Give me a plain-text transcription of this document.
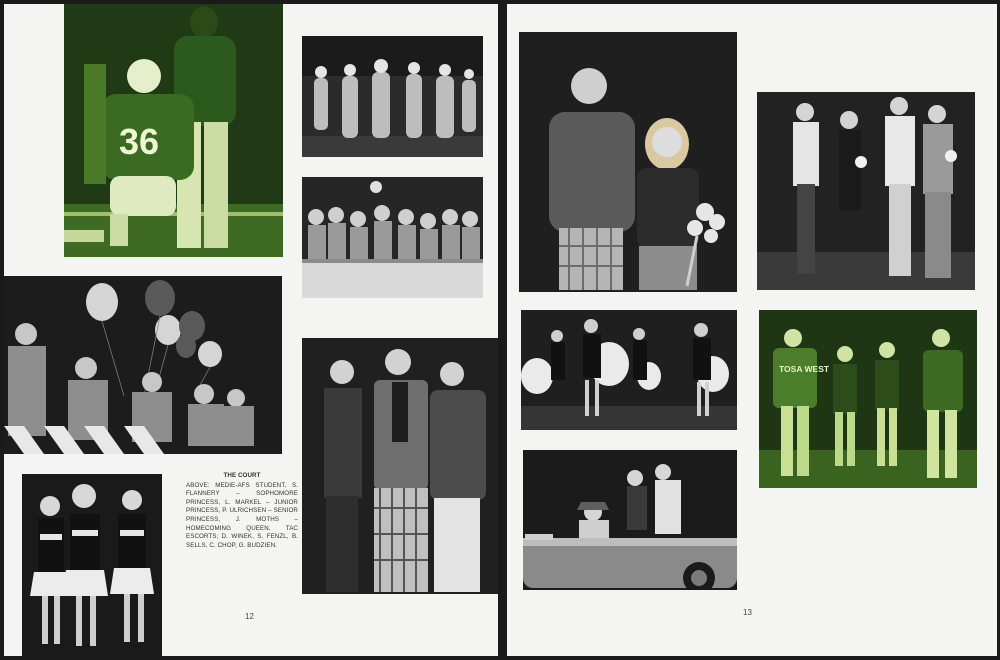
36
THE COURT
ABOVE: MEDIE-AFS STUDENT, S. FLANNERY – SOPHOMORE PRINCESS, L. MARKEL – JUNIOR PRINCESS, P. ULRICHSEN – SENIOR PRINCESS, J. MOTHS – HOMECOMING QUEEN. TAC ESCORTS; D. WINEK, S. FENZL, B. SELLS, C. CHOP, G. BUDZIEN.
12
TOSA WEST
13
